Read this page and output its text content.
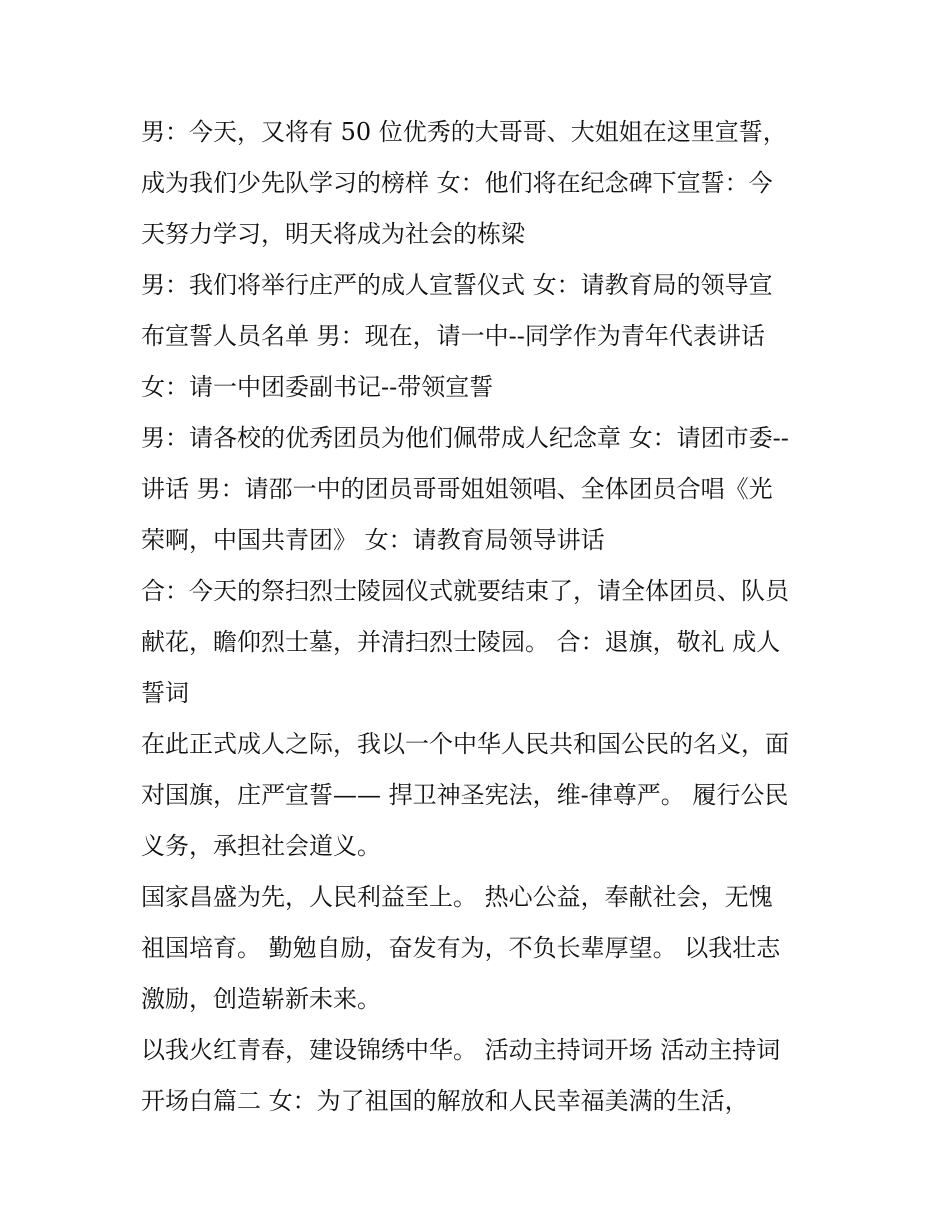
男：今天，又将有 50 位优秀的大哥哥、大姐姐在这里宣誓，
成为我们少先队学习的榜样 女：他们将在纪念碑下宣誓：今
天努力学习，明天将成为社会的栋梁
男：我们将举行庄严的成人宣誓仪式 女：请教育局的领导宣
布宣誓人员名单 男：现在，请一中--同学作为青年代表讲话
女：请一中团委副书记--带领宣誓
男：请各校的优秀团员为他们佩带成人纪念章 女：请团市委--
讲话 男：请邵一中的团员哥哥姐姐领唱、全体团员合唱《光
荣啊，中国共青团》 女：请教育局领导讲话
合：今天的祭扫烈士陵园仪式就要结束了，请全体团员、队员
献花，瞻仰烈士墓，并清扫烈士陵园。 合：退旗，敬礼 成人
誓词
在此正式成人之际，我以一个中华人民共和国公民的名义，面
对国旗，庄严宣誓—— 捍卫神圣宪法，维-律尊严。 履行公民
义务，承担社会道义。
国家昌盛为先，人民利益至上。 热心公益，奉献社会，无愧
祖国培育。 勤勉自励，奋发有为，不负长辈厚望。 以我壮志
激励，创造崭新未来。
以我火红青春，建设锦绣中华。 活动主持词开场 活动主持词
开场白篇二 女：为了祖国的解放和人民幸福美满的生活，
